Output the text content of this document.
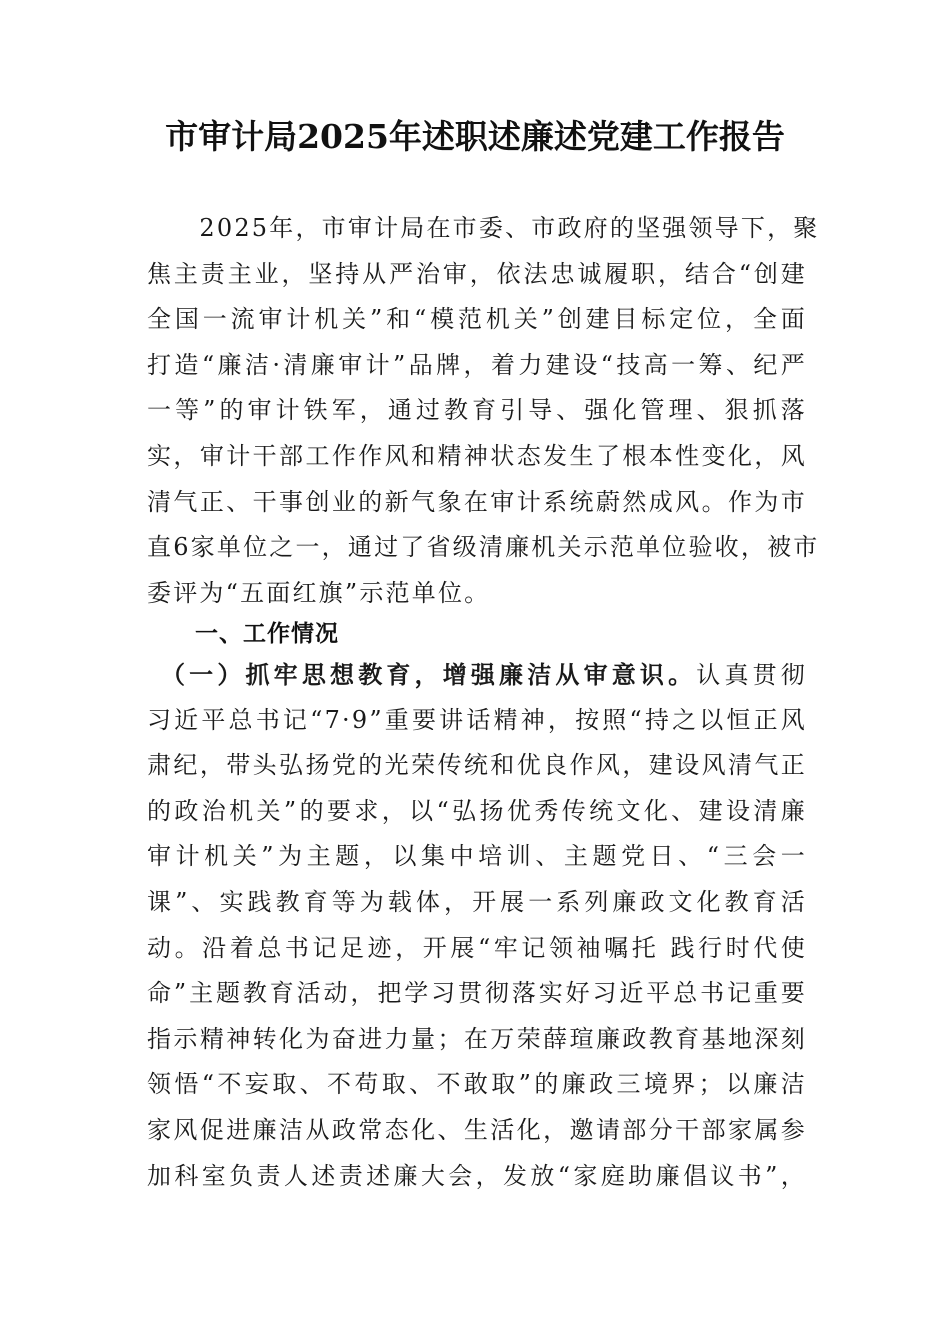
市审计局2025年述职述廉述党建工作报告
　　2025年，市审计局在市委、市政府的坚强领导下，聚
焦主责主业，坚持从严治审，依法忠诚履职，结合“创建
全国一流审计机关”和“模范机关”创建目标定位，全面
打造“廉洁·清廉审计”品牌，着力建设“技高一筹、纪严
一等”的审计铁军，通过教育引导、强化管理、狠抓落
实，审计干部工作作风和精神状态发生了根本性变化，风
清气正、干事创业的新气象在审计系统蔚然成风。作为市
直6家单位之一，通过了省级清廉机关示范单位验收，被市
委评为“五面红旗”示范单位。
一、工作情况
　（一）抓牢思想教育，增强廉洁从审意识。认真贯彻
习近平总书记“7·9”重要讲话精神，按照“持之以恒正风
肃纪，带头弘扬党的光荣传统和优良作风，建设风清气正
的政治机关”的要求，以“弘扬优秀传统文化、建设清廉
审计机关”为主题，以集中培训、主题党日、“三会一
课”、实践教育等为载体，开展一系列廉政文化教育活
动。沿着总书记足迹，开展“牢记领袖嘱托 践行时代使
命”主题教育活动，把学习贯彻落实好习近平总书记重要
指示精神转化为奋进力量；在万荣薛瑄廉政教育基地深刻
领悟“不妄取、不苟取、不敢取”的廉政三境界；以廉洁
家风促进廉洁从政常态化、生活化，邀请部分干部家属参
加科室负责人述责述廉大会，发放“家庭助廉倡议书”，
